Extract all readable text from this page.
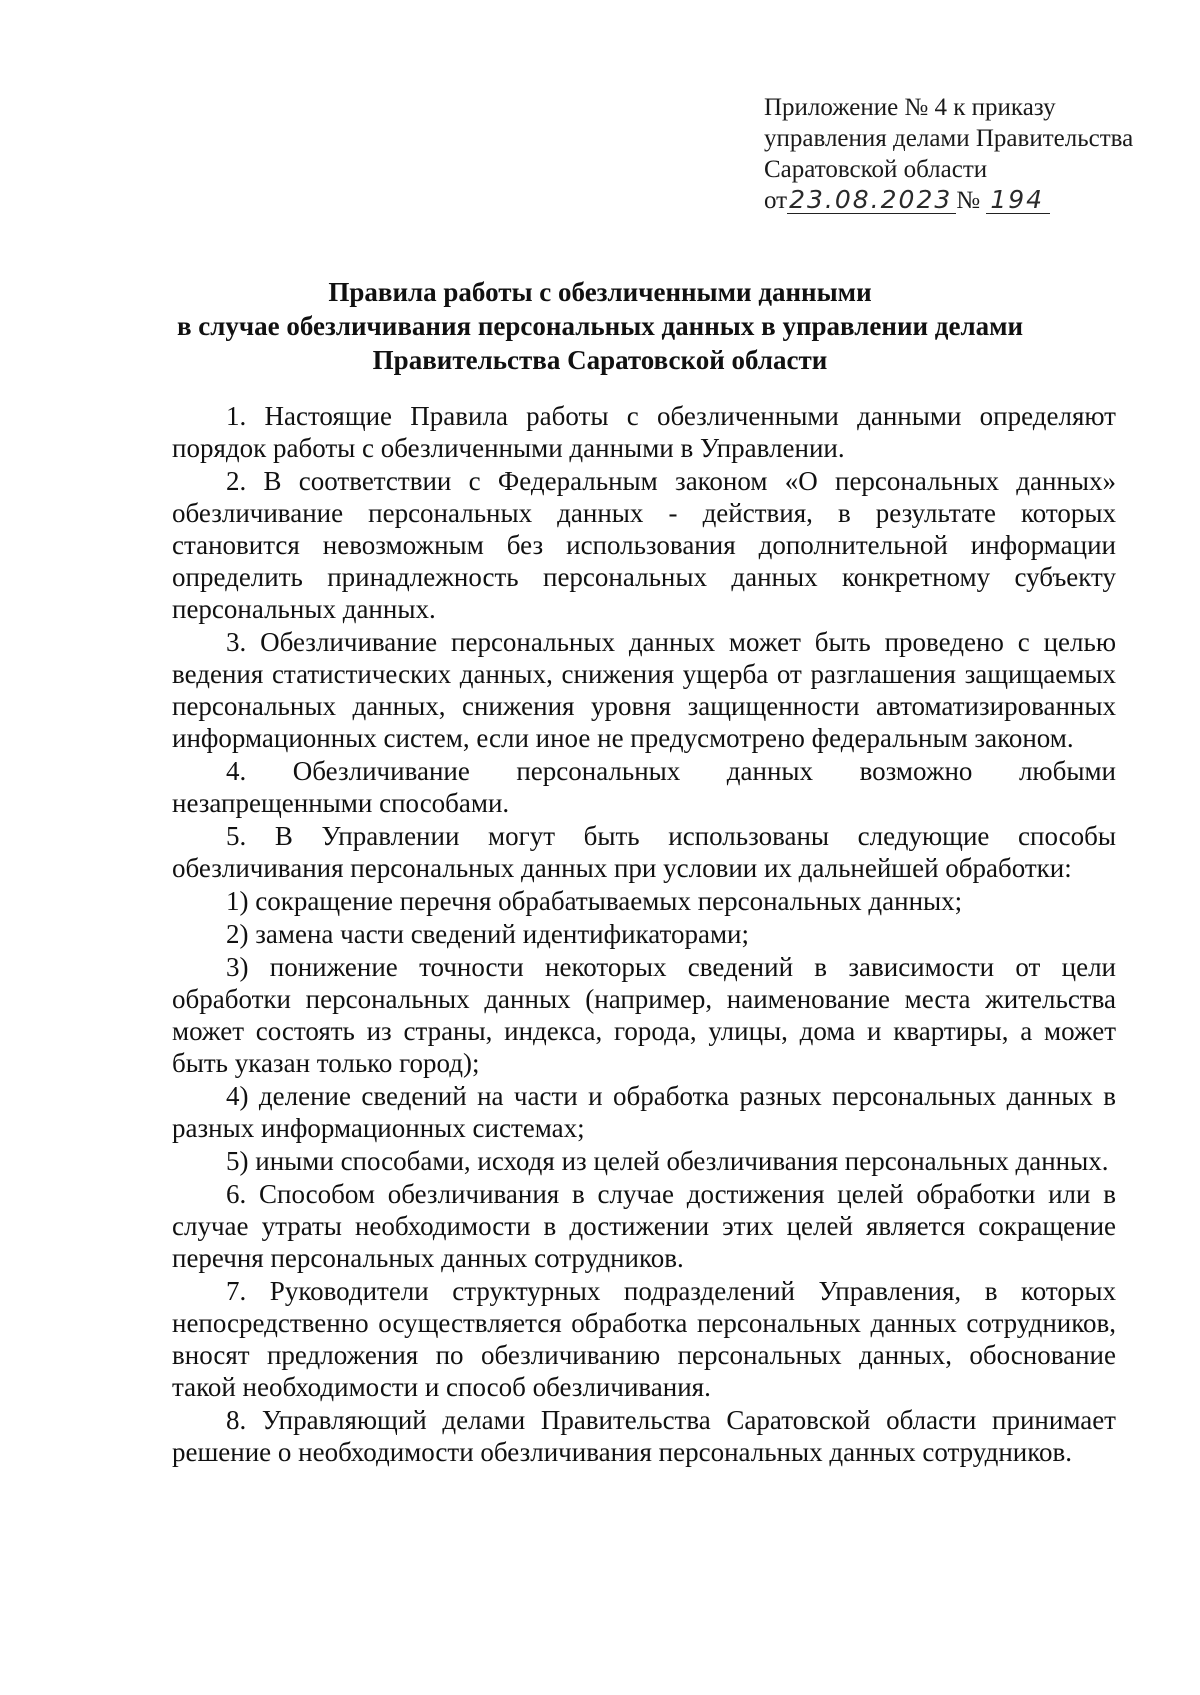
Приложение № 4 к приказу
управления делами Правительства
Саратовской области
от23.08.2023 № 194
Правила работы с обезличенными данными
в случае обезличивания персональных данных в управлении делами
Правительства Саратовской области

1. Настоящие Правила работы с обезличенными данными определяют порядок работы с обезличенными данными в Управлении.

2. В соответствии с Федеральным законом «О персональных данных» обезличивание персональных данных - действия, в результате которых становится невозможным без использования дополнительной информации определить принадлежность персональных данных конкретному субъекту персональных данных.

3. Обезличивание персональных данных может быть проведено с целью ведения статистических данных, снижения ущерба от разглашения защищаемых персональных данных, снижения уровня защищенности автоматизированных информационных систем, если иное не предусмотрено федеральным законом.

4. Обезличивание персональных данных возможно любыми незапрещенными способами.

5. В Управлении могут быть использованы следующие способы обезличивания персональных данных при условии их дальнейшей обработки:

1) сокращение перечня обрабатываемых персональных данных;

2) замена части сведений идентификаторами;

3) понижение точности некоторых сведений в зависимости от цели обработки персональных данных (например, наименование места жительства может состоять из страны, индекса, города, улицы, дома и квартиры, а может быть указан только город);

4) деление сведений на части и обработка разных персональных данных в разных информационных системах;

5) иными способами, исходя из целей обезличивания персональных данных.

6. Способом обезличивания в случае достижения целей обработки или в случае утраты необходимости в достижении этих целей является сокращение перечня персональных данных сотрудников.

7. Руководители структурных подразделений Управления, в которых непосредственно осуществляется обработка персональных данных сотрудников, вносят предложения по обезличиванию персональных данных, обоснование такой необходимости и способ обезличивания.

8. Управляющий делами Правительства Саратовской области принимает решение о необходимости обезличивания персональных данных сотрудников.
